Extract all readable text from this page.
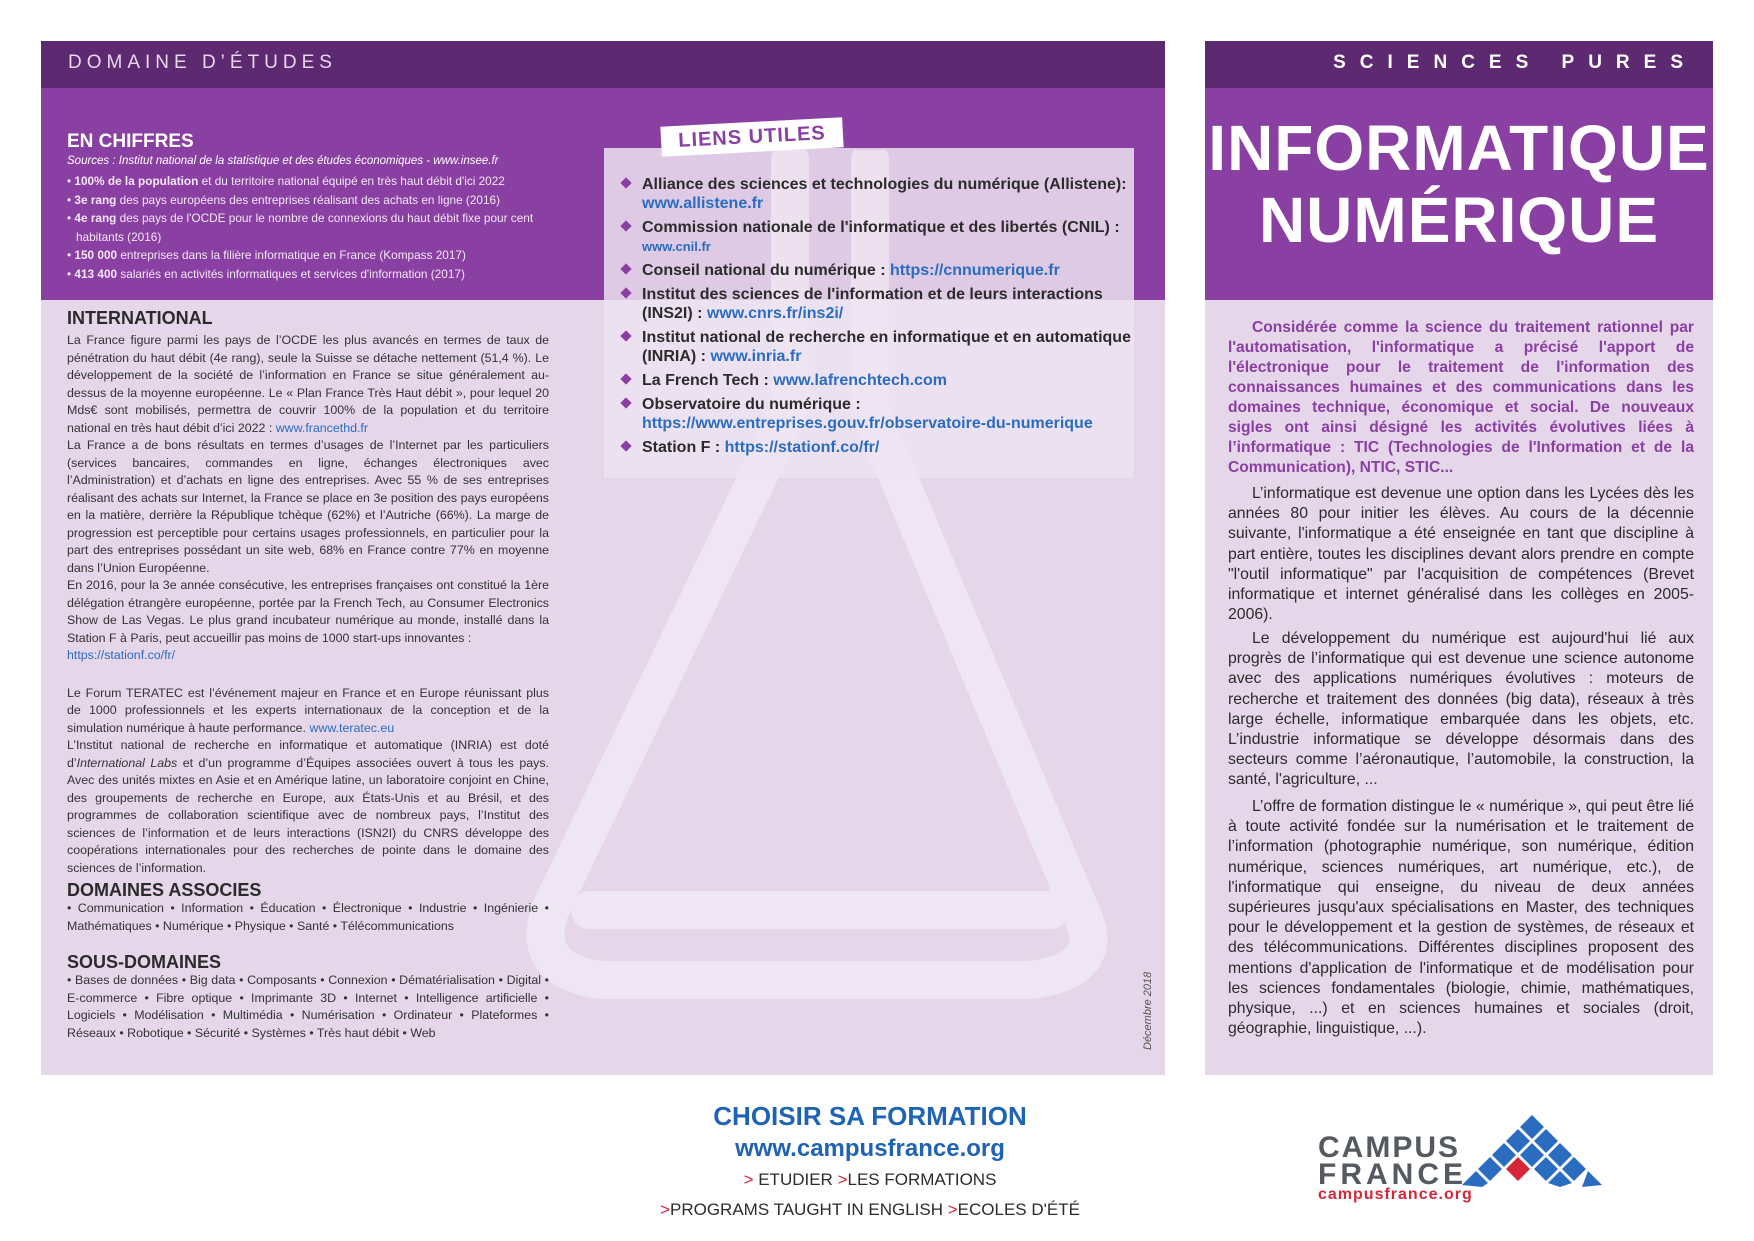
DOMAINE D’ÉTUDES
EN CHIFFRES
Sources : Institut national de la statistique et des études économiques - www.insee.fr
• 100% de la population et du territoire national équipé en très haut débit d'ici 2022
• 3e rang des pays européens des entreprises réalisant des achats en ligne (2016)
• 4e rang des pays de l'OCDE pour le nombre de connexions du haut débit fixe pour cent habitants (2016)
• 150 000 entreprises dans la filière informatique en France (Kompass 2017)
• 413 400 salariés en activités informatiques et services d'information (2017)
INTERNATIONAL

La France figure parmi les pays de l’OCDE les plus avancés en termes de taux de pénétration du haut débit (4e rang), seule la Suisse se détache nettement (51,4 %). Le développement de la société de l’information en France se situe généralement au-dessus de la moyenne européenne. Le « Plan France Très Haut débit », pour lequel 20 Mds€ sont mobilisés, permettra de couvrir 100% de la population et du territoire national en très haut débit d’ici 2022 : www.francethd.fr

La France a de bons résultats en termes d’usages de l’Internet par les particuliers (services bancaires, commandes en ligne, échanges électroniques avec l’Administration) et d’achats en ligne des entreprises. Avec 55 % de ses entreprises réalisant des achats sur Internet, la France se place en 3e position des pays européens en la matière, derrière la République tchèque (62%) et l’Autriche (66%). La marge de progression est perceptible pour certains usages professionnels, en particulier pour la part des entreprises possédant un site web, 68% en France contre 77% en moyenne dans l’Union Européenne.

En 2016, pour la 3e année consécutive, les entreprises françaises ont constitué la 1ère délégation étrangère européenne, portée par la French Tech, au Consumer Electronics Show de Las Vegas. Le plus grand incubateur numérique au monde, installé dans la Station F à Paris, peut accueillir pas moins de 1000 start-ups innovantes :
https://stationf.co/fr/

Le Forum TERATEC est l’événement majeur en France et en Europe réunissant plus de 1000 professionnels et les experts internationaux de la conception et de la simulation numérique à haute performance. www.teratec.eu

L’Institut national de recherche en informatique et automatique (INRIA) est doté d’International Labs et d’un programme d’Équipes associées ouvert à tous les pays. Avec des unités mixtes en Asie et en Amérique latine, un laboratoire conjoint en Chine, des groupements de recherche en Europe, aux États-Unis et au Brésil, et des programmes de collaboration scientifique avec de nombreux pays, l’Institut des sciences de l’information et de leurs interactions (ISN2I) du CNRS développe des coopérations internationales pour des recherches de pointe dans le domaine des sciences de l’information.

DOMAINES ASSOCIES
• Communication • Information • Éducation • Électronique • Industrie • Ingénierie • Mathématiques • Numérique • Physique • Santé • Télécommunications
SOUS-DOMAINES
• Bases de données • Big data • Composants • Connexion • Dématérialisation • Digital • E-commerce • Fibre optique • Imprimante 3D • Internet • Intelligence artificielle • Logiciels • Modélisation • Multimédia • Numérisation • Ordinateur • Plateformes • Réseaux • Robotique • Sécurité • Systèmes • Très haut débit • Web
LIENS UTILES
Alliance des sciences et technologies du numérique (Allistene):
www.allistene.fr
Commission nationale de l'informatique et des libertés (CNIL) :
www.cnil.fr
Conseil national du numérique : https://cnnumerique.fr
Institut des sciences de l'information et de leurs interactions (INS2I) : www.cnrs.fr/ins2i/
Institut national de recherche en informatique et en automatique (INRIA) : www.inria.fr
La French Tech : www.lafrenchtech.com
Observatoire du numérique :
https://www.entreprises.gouv.fr/observatoire-du-numerique
Station F : https://stationf.co/fr/
Décembre 2018
SCIENCES PURES
INFORMATIQUE
NUMÉRIQUE
Considérée comme la science du traitement rationnel par l'automatisation, l'informatique a précisé l'apport de l'électronique pour le traitement de l'information des connaissances humaines et des communications dans les domaines technique, économique et social. De nouveaux sigles ont ainsi désigné les activités évolutives liées à l’informatique : TIC (Technologies de l'Information et de la Communication), NTIC, STIC...
L’informatique est devenue une option dans les Lycées dès les années 80 pour initier les élèves. Au cours de la décennie suivante, l'informatique a été enseignée en tant que discipline à part entière, toutes les disciplines devant alors prendre en compte "l'outil informatique" par l'acquisition de compétences (Brevet informatique et internet généralisé dans les collèges en 2005-2006).
Le développement du numérique est aujourd'hui lié aux progrès de l’informatique qui est devenue une science autonome avec des applications numériques évolutives : moteurs de recherche et traitement des données (big data), réseaux à très large échelle, informatique embarquée dans les objets, etc. L’industrie informatique se développe désormais dans des secteurs comme l’aéronautique, l’automobile, la construction, la santé, l'agriculture, ...
L’offre de formation distingue le « numérique », qui peut être lié à toute activité fondée sur la numérisation et le traitement de l’information (photographie numérique, son numérique, édition numérique, sciences numériques, art numérique, etc.), de l'informatique qui enseigne, du niveau de deux années supérieures jusqu'aux spécialisations en Master, des techniques pour le développement et la gestion de systèmes, de réseaux et des télécommunications. Différentes disciplines proposent des mentions d'application de l'informatique et de modélisation pour les sciences fondamentales (biologie, chimie, mathématiques, physique, ...) et en sciences humaines et sociales (droit, géographie, linguistique, ...).
CHOISIR SA FORMATION
www.campusfrance.org
> ETUDIER >LES FORMATIONS
>PROGRAMS TAUGHT IN ENGLISH >ECOLES D'ÉTÉ
CAMPUS
FRANCE
campusfrance.org
